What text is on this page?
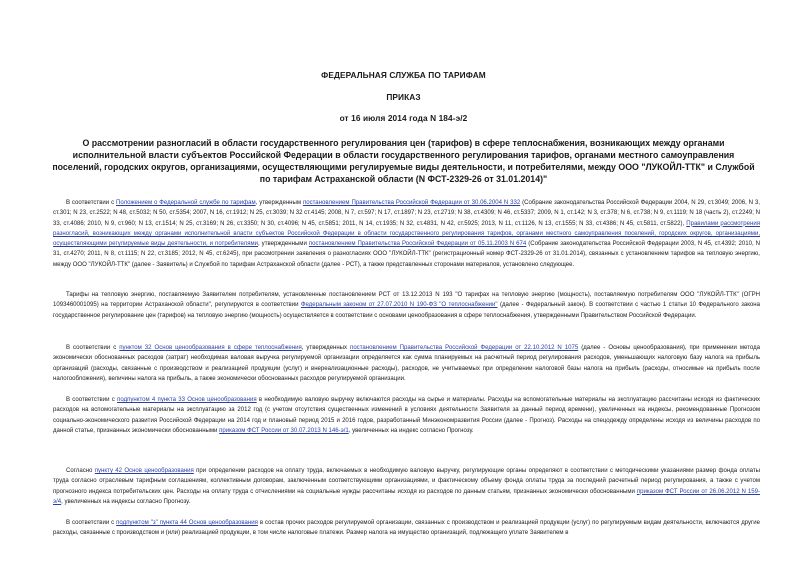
ФЕДЕРАЛЬНАЯ СЛУЖБА ПО ТАРИФАМ
ПРИКАЗ
от 16 июля 2014 года N 184-э/2
О рассмотрении разногласий в области государственного регулирования цен (тарифов) в сфере теплоснабжения, возникающих между органами исполнительной власти субъектов Российской Федерации в области государственного регулирования тарифов, органами местного самоуправления поселений, городских округов, организациями, осуществляющими регулируемые виды деятельности, и потребителями, между ООО "ЛУКОЙЛ-ТТК" и Службой по тарифам Астраханской области (N ФСТ-2329-26 от 31.01.2014)"

В соответствии с Положением о Федеральной службе по тарифам, утвержденным постановлением Правительства Российской Федерации от 30.06.2004 N 332 (Собрание законодательства Российской Федерации 2004, N 29, ст.3049; 2006, N 3, ст.301; N 23, ст.2522; N 48, ст.5032; N 50, ст.5354; 2007, N 16, ст.1912; N 25, ст.3039; N 32 ст.4145; 2008, N 7, ст.597; N 17, ст.1897; N 23, ст.2719; N 38, ст.4309; N 46, ст.5337; 2009, N 1, ст.142; N 3, ст.378; N 6, ст.738; N 9, ст.1119; N 18 (часть 2), ст.2249; N 33, ст.4086; 2010, N 9, ст.960; N 13, ст.1514; N 25, ст.3169; N 26, ст.3350; N 30, ст.4096; N 45, ст.5851; 2011, N 14, ст.1935; N 32, ст.4831, N 42, ст.5925; 2013, N 11, ст.1126, N 13, ст.1555; N 33, ст.4386; N 45, ст.5811, ст.5822), Правилами рассмотрения разногласий, возникающих между органами исполнительной власти субъектов Российской Федерации в области государственного регулирования тарифов, органами местного самоуправления поселений, городских округов, организациями, осуществляющими регулируемые виды деятельности, и потребителями, утвержденными постановлением Правительства Российской Федерации от 05.11.2003 N 674 (Собрание законодательства Российской Федерации 2003, N 45, ст.4392; 2010, N 31, ст.4270; 2011, N 8, ст.1115; N 22, ст.3185; 2012, N 45, ст.6245), при рассмотрении заявления о разногласиях ООО "ЛУКОЙЛ-ТТК" (регистрационный номер ФСТ-2329-26 от 31.01.2014), связанных с установлением тарифов на тепловую энергию, между ООО "ЛУКОЙЛ-ТТК" (далее - Заявитель) и Службой по тарифам Астраханской области (далее - РСТ), а также представленных сторонами материалов, установлено следующее.

Тарифы на тепловую энергию, поставляемую Заявителем потребителям, установленные постановлением РСТ от 13.12.2013 N 193 "О тарифах на тепловую энергию (мощность), поставляемую потребителям ООО "ЛУКОЙЛ-ТТК" (ОГРН 1093460001095) на территории Астраханской области", регулируются в соответствии Федеральным законом от 27.07.2010 N 190-ФЗ "О теплоснабжении" (далее - Федеральный закон). В соответствии с частью 1 статьи 10 Федерального закона государственное регулирование цен (тарифов) на тепловую энергию (мощность) осуществляется в соответствии с основами ценообразования в сфере теплоснабжения, утвержденными Правительством Российской Федерации.

В соответствии с пунктом 32 Основ ценообразования в сфере теплоснабжения, утвержденных постановлением Правительства Российской Федерации от 22.10.2012 N 1075 (далее - Основы ценообразования), при применении метода экономически обоснованных расходов (затрат) необходимая валовая выручка регулируемой организации определяется как сумма планируемых на расчетный период регулирования расходов, уменьшающих налоговую базу налога на прибыль организаций (расходы, связанные с производством и реализацией продукции (услуг) и внереализационные расходы), расходов, не учитываемых при определении налоговой базы налога на прибыль (расходы, относимые на прибыль после налогообложения), величины налога на прибыль, а также экономически обоснованных расходов регулируемой организации.

В соответствии с подпунктом 4 пункта 33 Основ ценообразования в необходимую валовую выручку включаются расходы на сырье и материалы. Расходы на вспомогательные материалы на эксплуатацию рассчитаны исходя из фактических расходов на вспомогательные материалы на эксплуатацию за 2012 год (с учетом отсутствия существенных изменений в условиях деятельности Заявителя за данный период времени), увеличенных на индексы, рекомендованные Прогнозом социально-экономического развития Российской Федерации на 2014 год и плановый период 2015 и 2016 годов, разработанный Минэкономразвития России (далее - Прогноз). Расходы на спецодежду определены исходя из величины расходов по данной статье, признанных экономически обоснованными приказом ФСТ России от 30.07.2013 N 146-э/1, увеличенных на индекс согласно Прогнозу.

Согласно пункту 42 Основ ценообразования при определении расходов на оплату труда, включаемых в необходимую валовую выручку, регулирующие органы определяют в соответствии с методическими указаниями размер фонда оплаты труда согласно отраслевым тарифным соглашениям, коллективным договорам, заключенным соответствующими организациями, и фактическому объему фонда оплаты труда за последний расчетный период регулирования, а также с учетом прогнозного индекса потребительских цен. Расходы на оплату труда с отчислениями на социальные нужды рассчитаны исходя из расходов по данным статьям, признанных экономически обоснованными приказом ФСТ России от 26.06.2012 N 159-э/4, увеличенных на индексы согласно Прогнозу.

В соответствии с подпунктом "з" пункта 44 Основ ценообразования в состав прочих расходов регулируемой организации, связанных с производством и реализацией продукции (услуг) по регулируемым видам деятельности, включаются другие расходы, связанные с производством и (или) реализацией продукции, в том числе налоговые платежи. Размер налога на имущество организаций, подлежащего уплате Заявителем в
